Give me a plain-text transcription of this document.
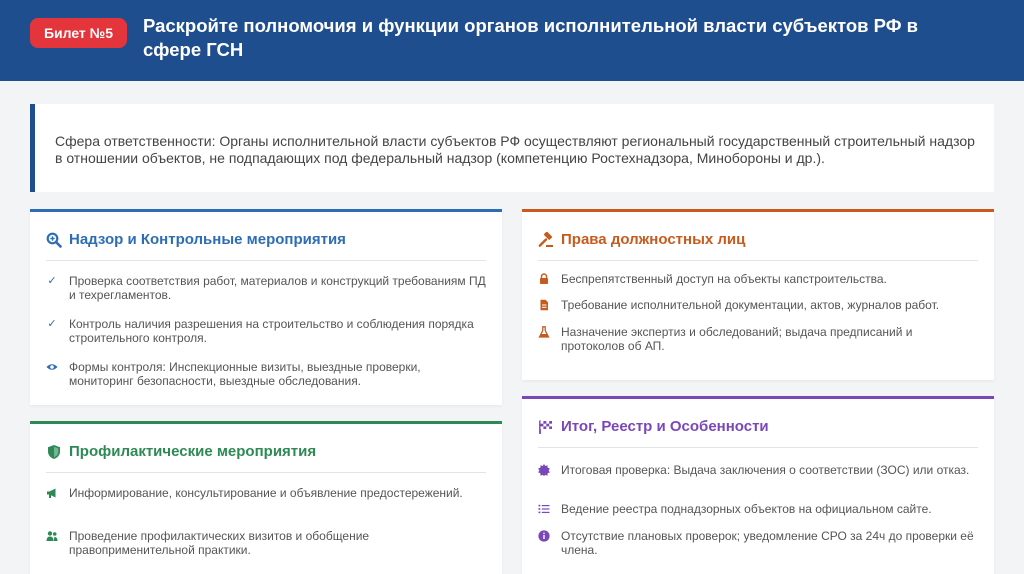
Билет №5	Раскройте полномочия и функции органов исполнительной власти субъектов РФ в сфере ГСН
Сфера ответственности: Органы исполнительной власти субъектов РФ осуществляют региональный государственный строительный надзор в отношении объектов, не подпадающих под федеральный надзор (компетенцию Ростехнадзора, Минобороны и др.).
Надзор и Контрольные мероприятия
✓ Проверка соответствия работ, материалов и конструкций требованиям ПД и техрегламентов.
✓ Контроль наличия разрешения на строительство и соблюдения порядка строительного контроля.
Формы контроля: Инспекционные визиты, выездные проверки, мониторинг безопасности, выездные обследования.
Права должностных лиц
Беспрепятственный доступ на объекты капстроительства.
Требование исполнительной документации, актов, журналов работ.
Назначение экспертиз и обследований; выдача предписаний и протоколов об АП.
Профилактические мероприятия
Информирование, консультирование и объявление предостережений.
Проведение профилактических визитов и обобщение правоприменительной практики.
Итог, Реестр и Особенности
Итоговая проверка: Выдача заключения о соответствии (ЗОС) или отказ.
Ведение реестра поднадзорных объектов на официальном сайте.
Отсутствие плановых проверок; уведомление СРО за 24ч до проверки её члена.
